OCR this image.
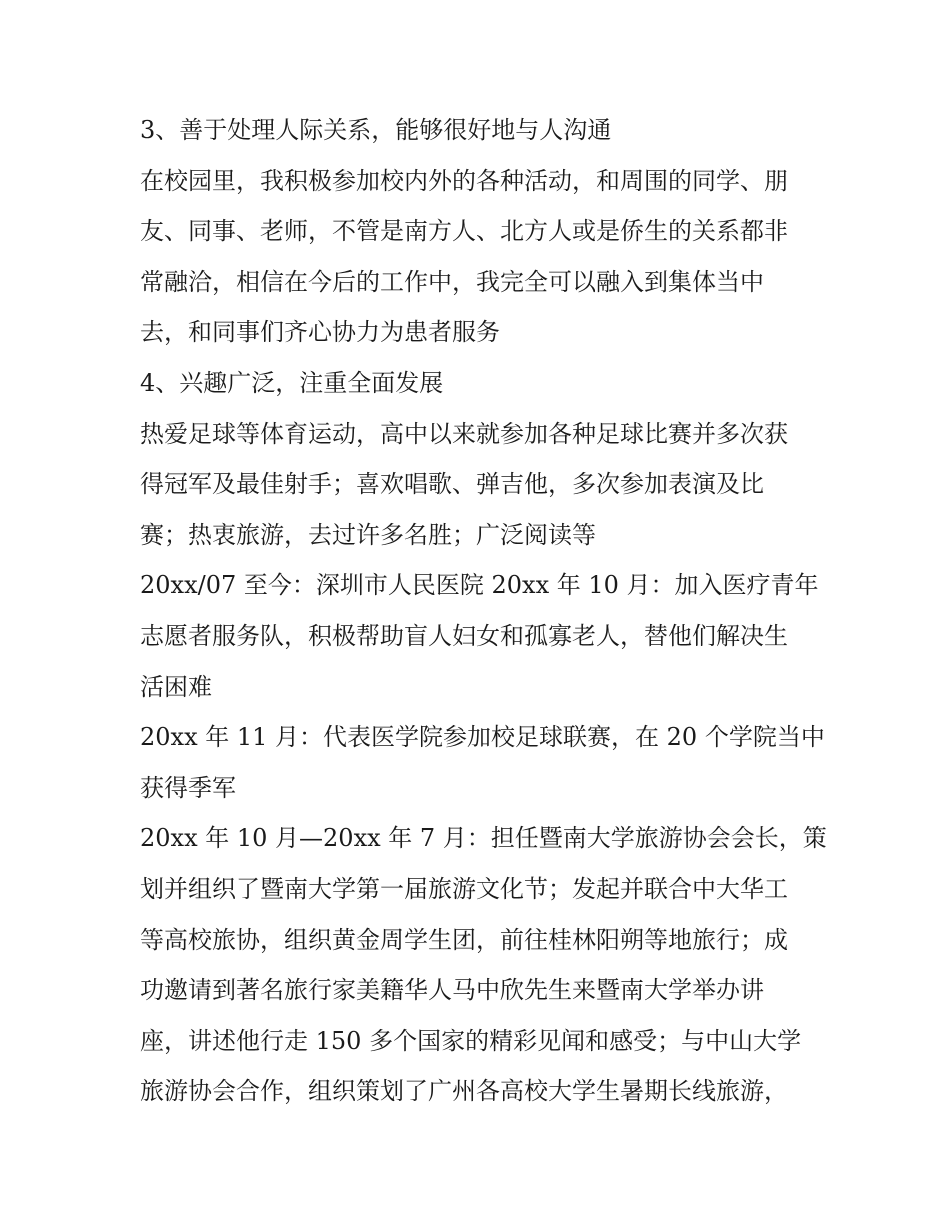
3、善于处理人际关系，能够很好地与人沟通
在校园里，我积极参加校内外的各种活动，和周围的同学、朋
友、同事、老师，不管是南方人、北方人或是侨生的关系都非
常融洽，相信在今后的工作中，我完全可以融入到集体当中
去，和同事们齐心协力为患者服务
4、兴趣广泛，注重全面发展
热爱足球等体育运动，高中以来就参加各种足球比赛并多次获
得冠军及最佳射手；喜欢唱歌、弹吉他，多次参加表演及比
赛；热衷旅游，去过许多名胜；广泛阅读等
20xx/07 至今：深圳市人民医院 20xx 年 10 月：加入医疗青年
志愿者服务队，积极帮助盲人妇女和孤寡老人，替他们解决生
活困难
20xx 年 11 月：代表医学院参加校足球联赛，在 20 个学院当中
获得季军
20xx 年 10 月—20xx 年 7 月：担任暨南大学旅游协会会长，策
划并组织了暨南大学第一届旅游文化节；发起并联合中大华工
等高校旅协，组织黄金周学生团，前往桂林阳朔等地旅行；成
功邀请到著名旅行家美籍华人马中欣先生来暨南大学举办讲
座，讲述他行走 150 多个国家的精彩见闻和感受；与中山大学
旅游协会合作，组织策划了广州各高校大学生暑期长线旅游，
